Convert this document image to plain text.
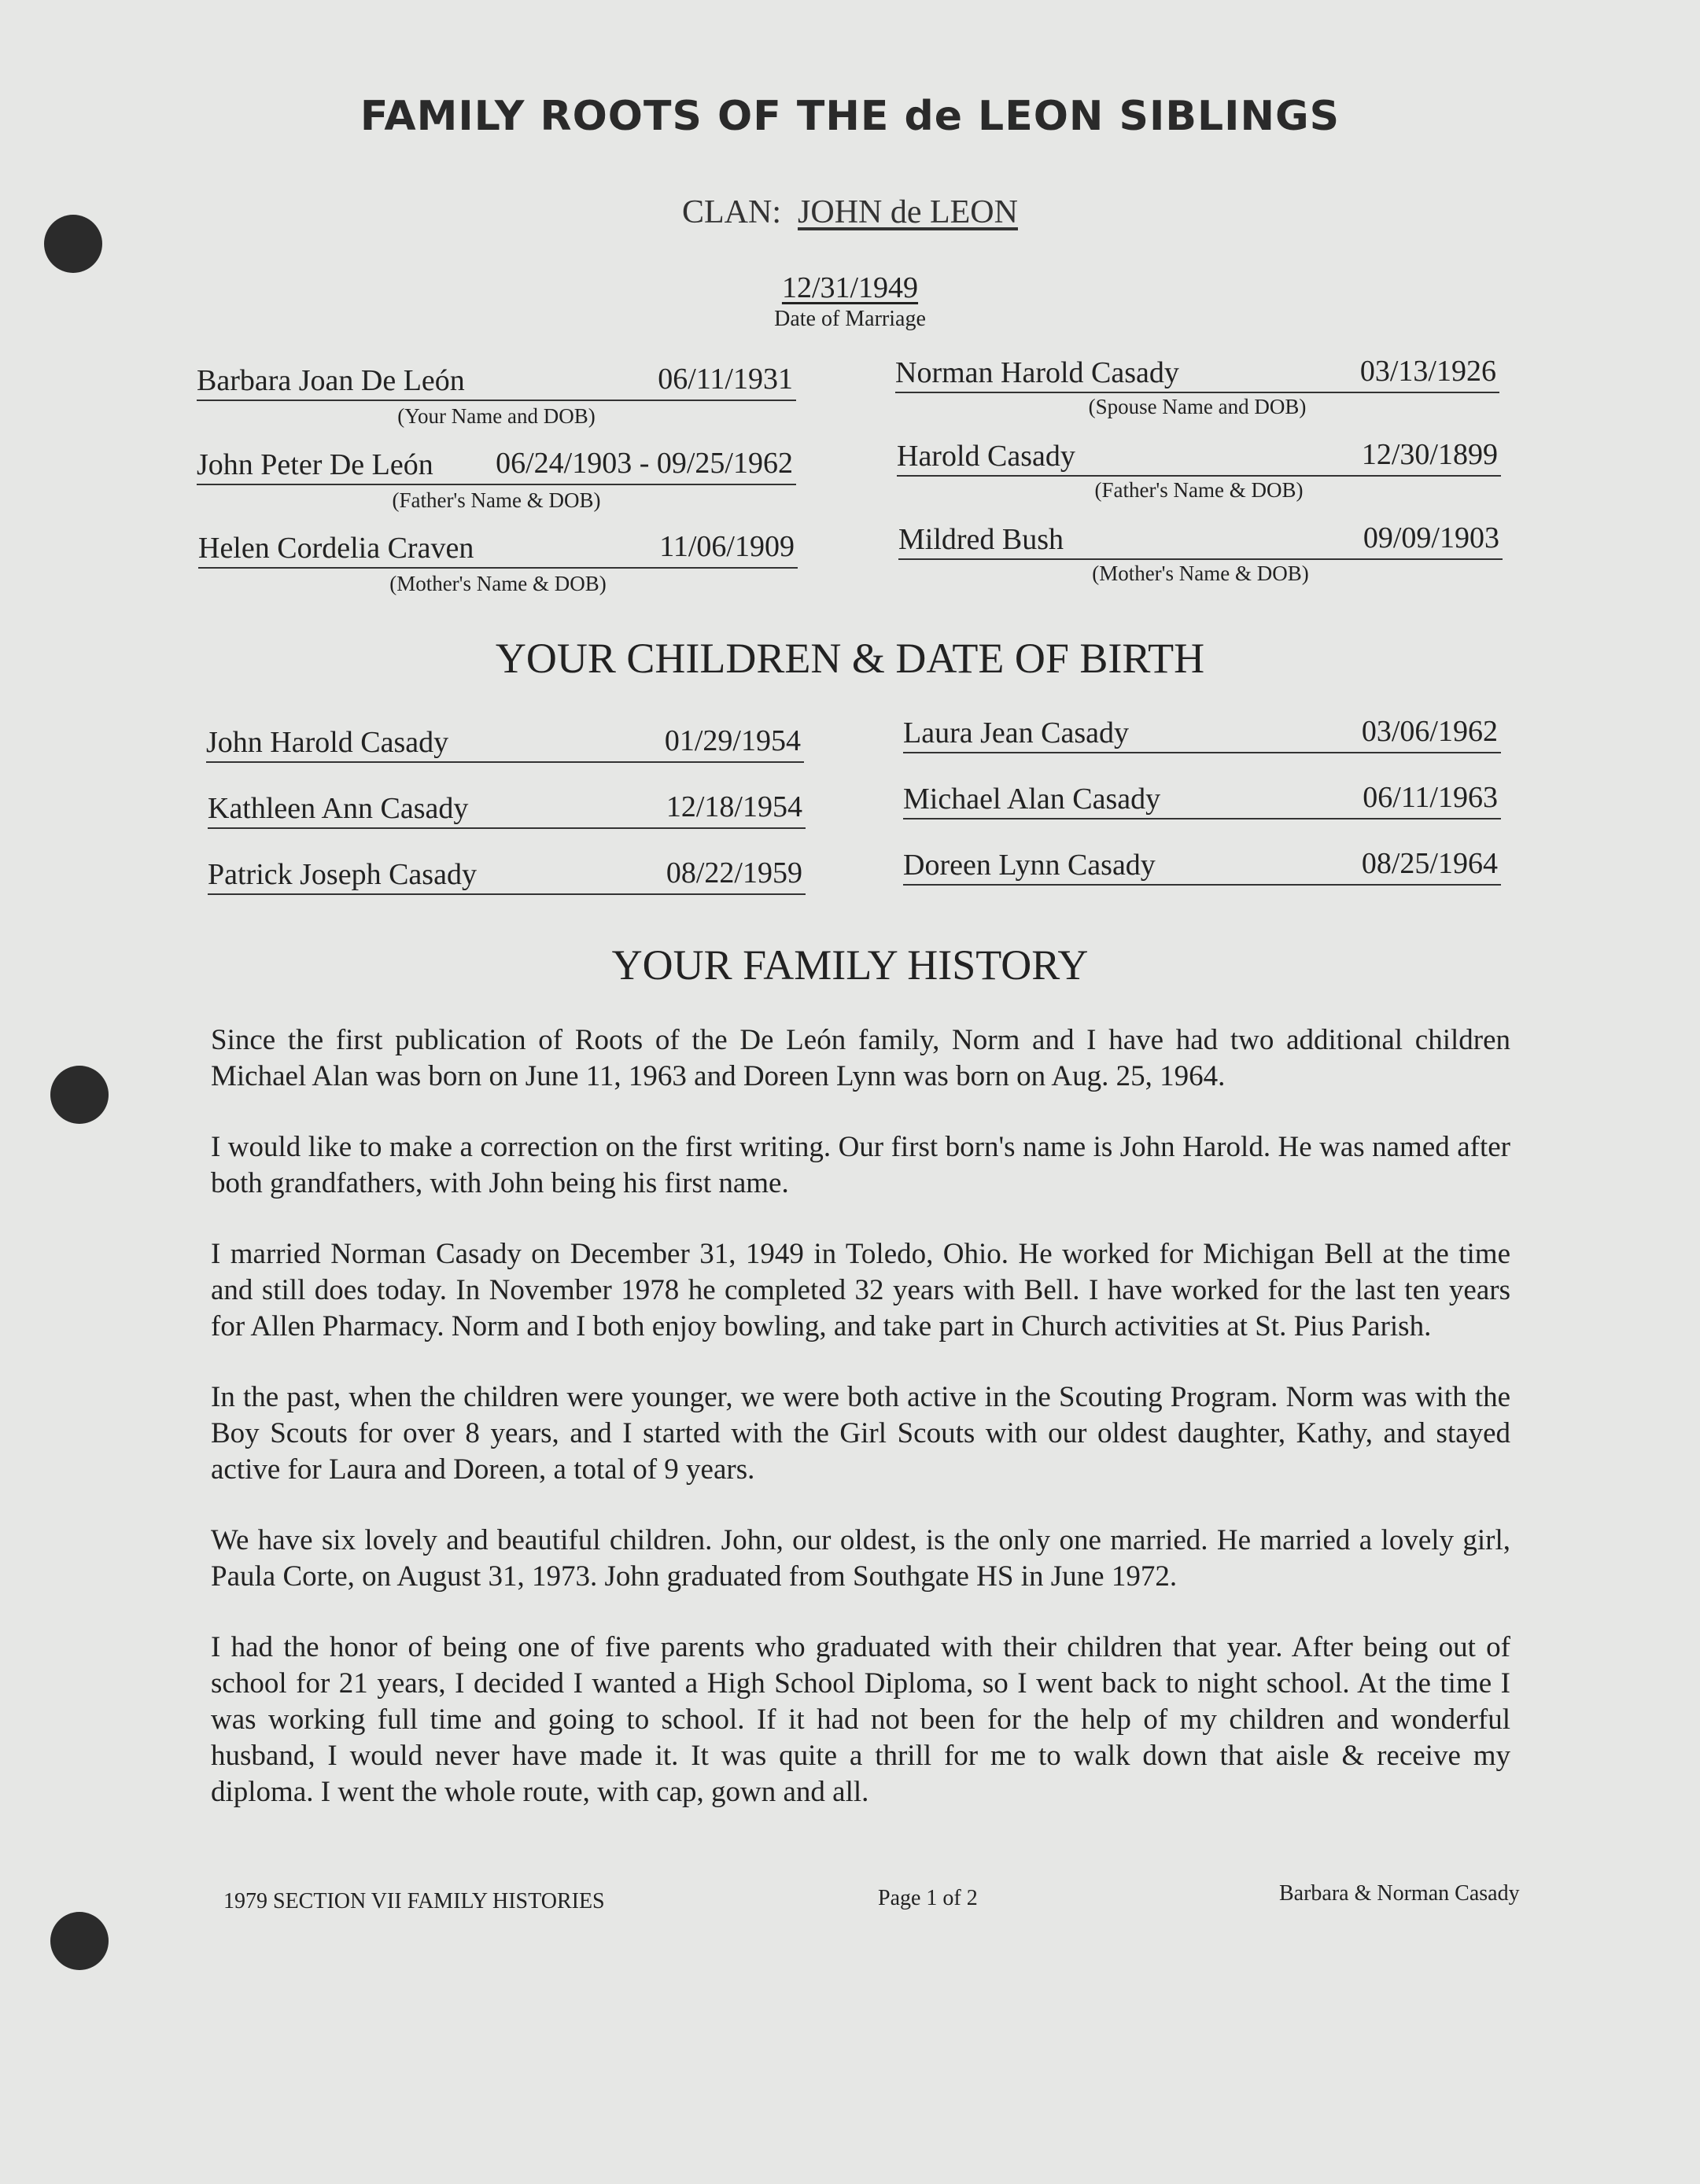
FAMILY ROOTS OF THE de LEON SIBLINGS
CLAN: JOHN de LEON
12/31/1949
Date of Marriage
Barbara Joan De León	06/11/1931
(Your Name and DOB)
John Peter De León 06/24/1903 - 09/25/1962
(Father's Name & DOB)
Helen Cordelia Craven	11/06/1909
(Mother's Name & DOB)
Norman Harold Casady	03/13/1926
(Spouse Name and DOB)
Harold Casady	12/30/1899
(Father's Name & DOB)
Mildred Bush	09/09/1903
(Mother's Name & DOB)
YOUR CHILDREN & DATE OF BIRTH
John Harold Casady	01/29/1954
Kathleen Ann Casady	12/18/1954
Patrick Joseph Casady	08/22/1959
Laura Jean Casady	03/06/1962
Michael Alan Casady	06/11/1963
Doreen Lynn Casady	08/25/1964
YOUR FAMILY HISTORY

Since the first publication of Roots of the De León family, Norm and I have had two additional children Michael Alan was born on June 11, 1963 and Doreen Lynn was born on Aug. 25, 1964.

I would like to make a correction on the first writing. Our first born's name is John Harold. He was named after both grandfathers, with John being his first name.

I married Norman Casady on December 31, 1949 in Toledo, Ohio. He worked for Michigan Bell at the time and still does today. In November 1978 he completed 32 years with Bell. I have worked for the last ten years for Allen Pharmacy. Norm and I both enjoy bowling, and take part in Church activities at St. Pius Parish.

In the past, when the children were younger, we were both active in the Scouting Program. Norm was with the Boy Scouts for over 8 years, and I started with the Girl Scouts with our oldest daughter, Kathy, and stayed active for Laura and Doreen, a total of 9 years.

We have six lovely and beautiful children. John, our oldest, is the only one married. He married a lovely girl, Paula Corte, on August 31, 1973. John graduated from Southgate HS in June 1972.

I had the honor of being one of five parents who graduated with their children that year. After being out of school for 21 years, I decided I wanted a High School Diploma, so I went back to night school. At the time I was working full time and going to school. If it had not been for the help of my children and wonderful husband, I would never have made it. It was quite a thrill for me to walk down that aisle & receive my diploma. I went the whole route, with cap, gown and all.

1979 SECTION VII FAMILY HISTORIES	Page 1 of 2	Barbara & Norman Casady
